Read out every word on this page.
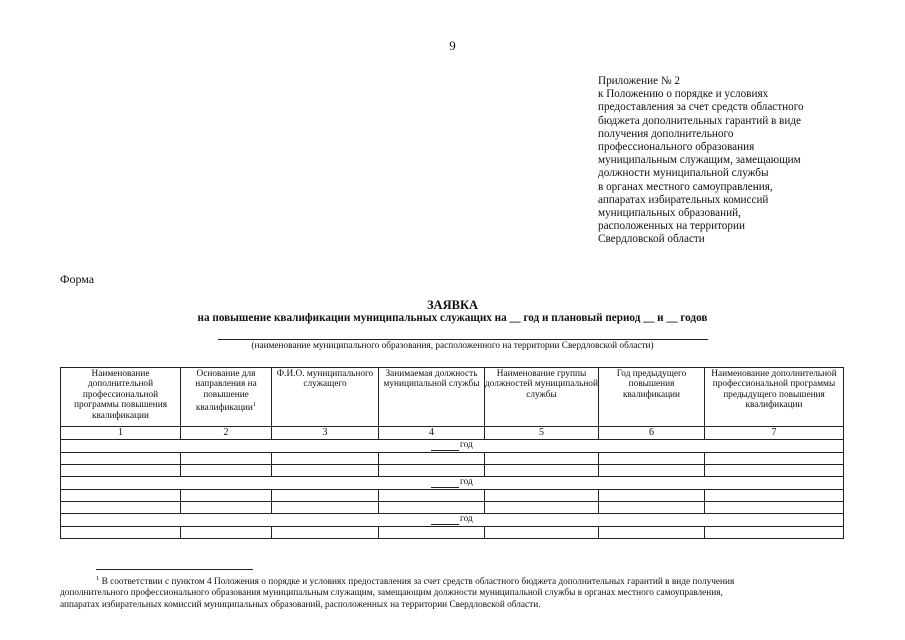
9
Приложение № 2
к Положению о порядке и условиях
предоставления за счет средств областного
бюджета дополнительных гарантий в виде
получения дополнительного
профессионального образования
муниципальным служащим, замещающим
должности муниципальной службы
в органах местного самоуправления,
аппаратах избирательных комиссий
муниципальных образований,
расположенных на территории
Свердловской области
Форма
ЗАЯВКА
на повышение квалификации муниципальных служащих на __ год и плановый период __ и __ годов
(наименование муниципального образования, расположенного на территории Свердловской области)
Наименование дополнительной профессиональной программы повышения квалификации	Основание для направления на повышение квалификации$^1$	Ф.И.О. муниципального служащего	Занимаемая должность муниципальной службы	Наименование группы должностей муниципальной службы	Год предыдущего повышения квалификации	Наименование дополнительной профессиональной программы предыдущего повышения квалификации
1	2	3	4	5	6	7

год						

год						

год						

$^1$ В соответствии с пунктом 4 Положения о порядке и условиях предоставления за счет средств областного бюджета дополнительных гарантий в виде получения
дополнительного профессионального образования муниципальным служащим, замещающим должности муниципальной службы в органах местного самоуправления,
аппаратах избирательных комиссий муниципальных образований, расположенных на территории Свердловской области.
